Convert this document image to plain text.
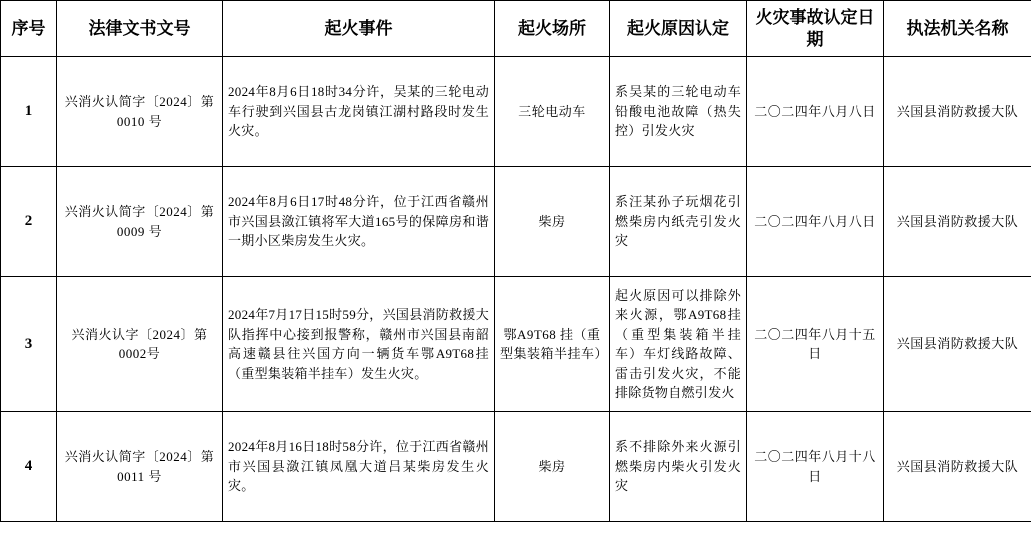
序号	法律文书文号	起火事件	起火场所	起火原因认定	火灾事故认定日期	执法机关名称
1	兴消火认简字〔2024〕第 0010 号	2024年8月6日18时34分许，吴某的三轮电动车行驶到兴国县古龙岗镇江湖村路段时发生火灾。	三轮电动车	系吴某的三轮电动车铅酸电池故障（热失控）引发火灾	二〇二四年八月八日	兴国县消防救援大队
2	兴消火认简字〔2024〕第 0009 号	2024年8月6日17时48分许，位于江西省赣州市兴国县潋江镇将军大道165号的保障房和谐一期小区柴房发生火灾。	柴房	系汪某孙子玩烟花引燃柴房内纸壳引发火灾	二〇二四年八月八日	兴国县消防救援大队
3	兴消火认字〔2024〕第0002号	2024年7月17日15时59分，兴国县消防救援大队指挥中心接到报警称，赣州市兴国县南韶高速赣县往兴国方向一辆货车鄂A9T68挂（重型集装箱半挂车）发生火灾。	鄂A9T68 挂（重型集装箱半挂车）	起火原因可以排除外来火源，鄂A9T68挂（重型集装箱半挂车）车灯线路故障、雷击引发火灾，不能排除货物自燃引发火	二〇二四年八月十五日	兴国县消防救援大队
4	兴消火认简字〔2024〕第 0011 号	2024年8月16日18时58分许，位于江西省赣州市兴国县潋江镇凤凰大道吕某柴房发生火灾。	柴房	系不排除外来火源引燃柴房内柴火引发火灾	二〇二四年八月十八日	兴国县消防救援大队
